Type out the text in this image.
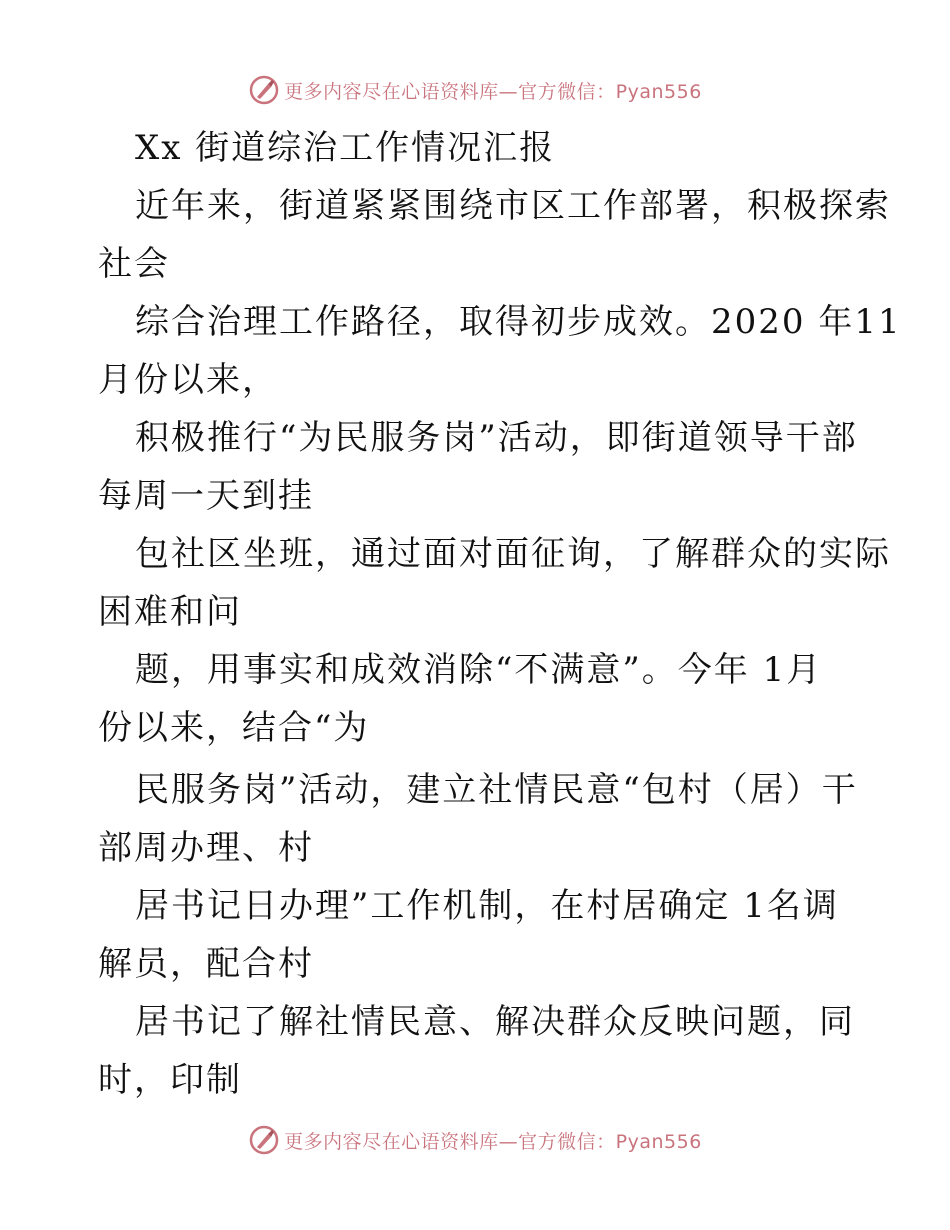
更多内容尽在心语资料库—官方微信：Pyan556
Xx 街道综治工作情况汇报
近年来，街道紧紧围绕市区工作部署，积极探索
社会
综合治理工作路径，取得初步成效。2020 年11
月份以来，
积极推行“为民服务岗”活动，即街道领导干部
每周一天到挂
包社区坐班，通过面对面征询，了解群众的实际
困难和问
题，用事实和成效消除“不满意”。今年 1月
份以来，结合“为
民服务岗”活动，建立社情民意“包村（居）干
部周办理、村
居书记日办理”工作机制，在村居确定 1名调
解员，配合村
居书记了解社情民意、解决群众反映问题，同
时，印制
更多内容尽在心语资料库—官方微信：Pyan556
